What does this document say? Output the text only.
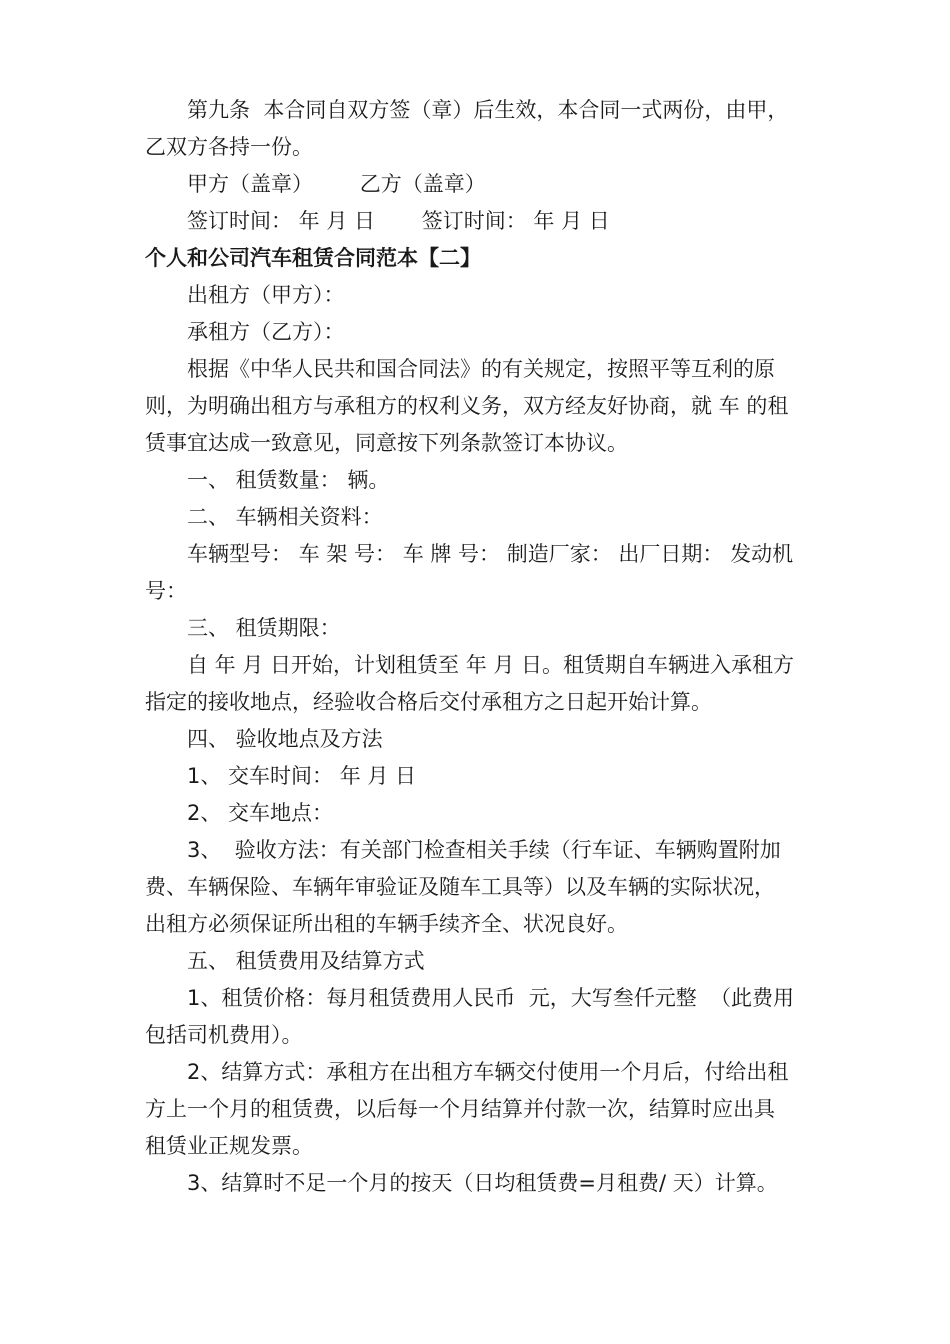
第九条  本合同自双方签（章）后生效，本合同一式两份，由甲，

乙双方各持一份。

甲方（盖章）       乙方（盖章）

签订时间： 年 月 日       签订时间： 年 月 日

个人和公司汽车租赁合同范本【二】

出租方（甲方）：

承租方（乙方）：

根据《中华人民共和国合同法》的有关规定，按照平等互利的原

则，为明确出租方与承租方的权利义务，双方经友好协商，就 车 的租

赁事宜达成一致意见，同意按下列条款签订本协议。

一、 租赁数量： 辆。

二、 车辆相关资料：

车辆型号： 车 架 号： 车 牌 号： 制造厂家： 出厂日期： 发动机

号：

三、 租赁期限：

自 年 月 日开始，计划租赁至 年 月 日。租赁期自车辆进入承租方

指定的接收地点，经验收合格后交付承租方之日起开始计算。

四、 验收地点及方法

1、 交车时间： 年 月 日

2、 交车地点：

3、  验收方法：有关部门检查相关手续（行车证、车辆购置附加

费、车辆保险、车辆年审验证及随车工具等）以及车辆的实际状况，

出租方必须保证所出租的车辆手续齐全、状况良好。

五、 租赁费用及结算方式

1、租赁价格：每月租赁费用人民币  元，大写叁仟元整  （此费用

包括司机费用）。

2、结算方式：承租方在出租方车辆交付使用一个月后，付给出租

方上一个月的租赁费，以后每一个月结算并付款一次，结算时应出具

租赁业正规发票。

3、结算时不足一个月的按天（日均租赁费=月租费/ 天）计算。
